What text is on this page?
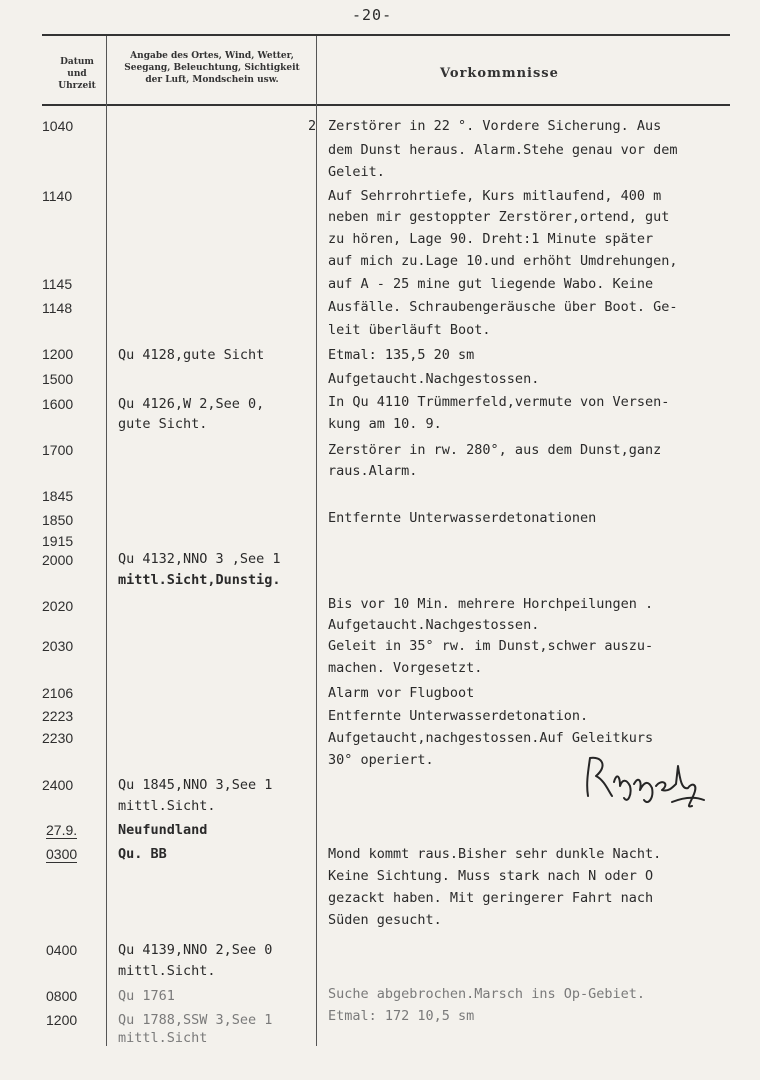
-20-
Datum
und
Uhrzeit
Angabe des Ortes, Wind, Wetter,
Seegang, Beleuchtung, Sichtigkeit
der Luft, Mondschein usw.	Vorkommnisse
1040
1140
1145
1148
1200
1500
1600
1700
1845
1850
1915
2000
2020
2030
2106
2223
2230
2400
27.9.
0300
0400
0800
1200
Qu 4128,gute Sicht
Qu 4126,W 2,See 0,
gute Sicht.
Qu 4132,NNO 3 ,See 1
mittl.Sicht,Dunstig.
Qu 1845,NNO 3,See 1
mittl.Sicht.
Neufundland
Qu. BB
Qu 4139,NNO 2,See 0
mittl.Sicht.
Qu 1761
Qu 1788,SSW 3,See 1
mittl.Sicht
2 Zerstörer in 22 °. Vordere Sicherung. Aus
dem Dunst heraus. Alarm.Stehe genau vor dem
Geleit.
Auf Sehrrohrtiefe, Kurs mitlaufend, 400 m
neben mir gestoppter Zerstörer,ortend, gut
zu hören, Lage 90. Dreht:1 Minute später
auf mich zu.Lage 10.und erhöht Umdrehungen,
auf A - 25 mine gut liegende Wabo. Keine
Ausfälle. Schraubengeräusche über Boot. Ge-
leit überläuft Boot.
Etmal: 135,5 20 sm
Aufgetaucht.Nachgestossen.
In Qu 4110 Trümmerfeld,vermute von Versen-
kung am 10. 9.
Zerstörer in rw. 280°, aus dem Dunst,ganz
raus.Alarm.
Entfernte Unterwasserdetonationen
Bis vor 10 Min. mehrere Horchpeilungen .
Aufgetaucht.Nachgestossen.
Geleit in 35° rw. im Dunst,schwer auszu-
machen. Vorgesetzt.
Alarm vor Flugboot
Entfernte Unterwasserdetonation.
Aufgetaucht,nachgestossen.Auf Geleitkurs
30° operiert.
Mond kommt raus.Bisher sehr dunkle Nacht.
Keine Sichtung. Muss stark nach N oder O
gezackt haben. Mit geringerer Fahrt nach
Süden gesucht.
Suche abgebrochen.Marsch ins Op-Gebiet.
Etmal: 172 10,5 sm
